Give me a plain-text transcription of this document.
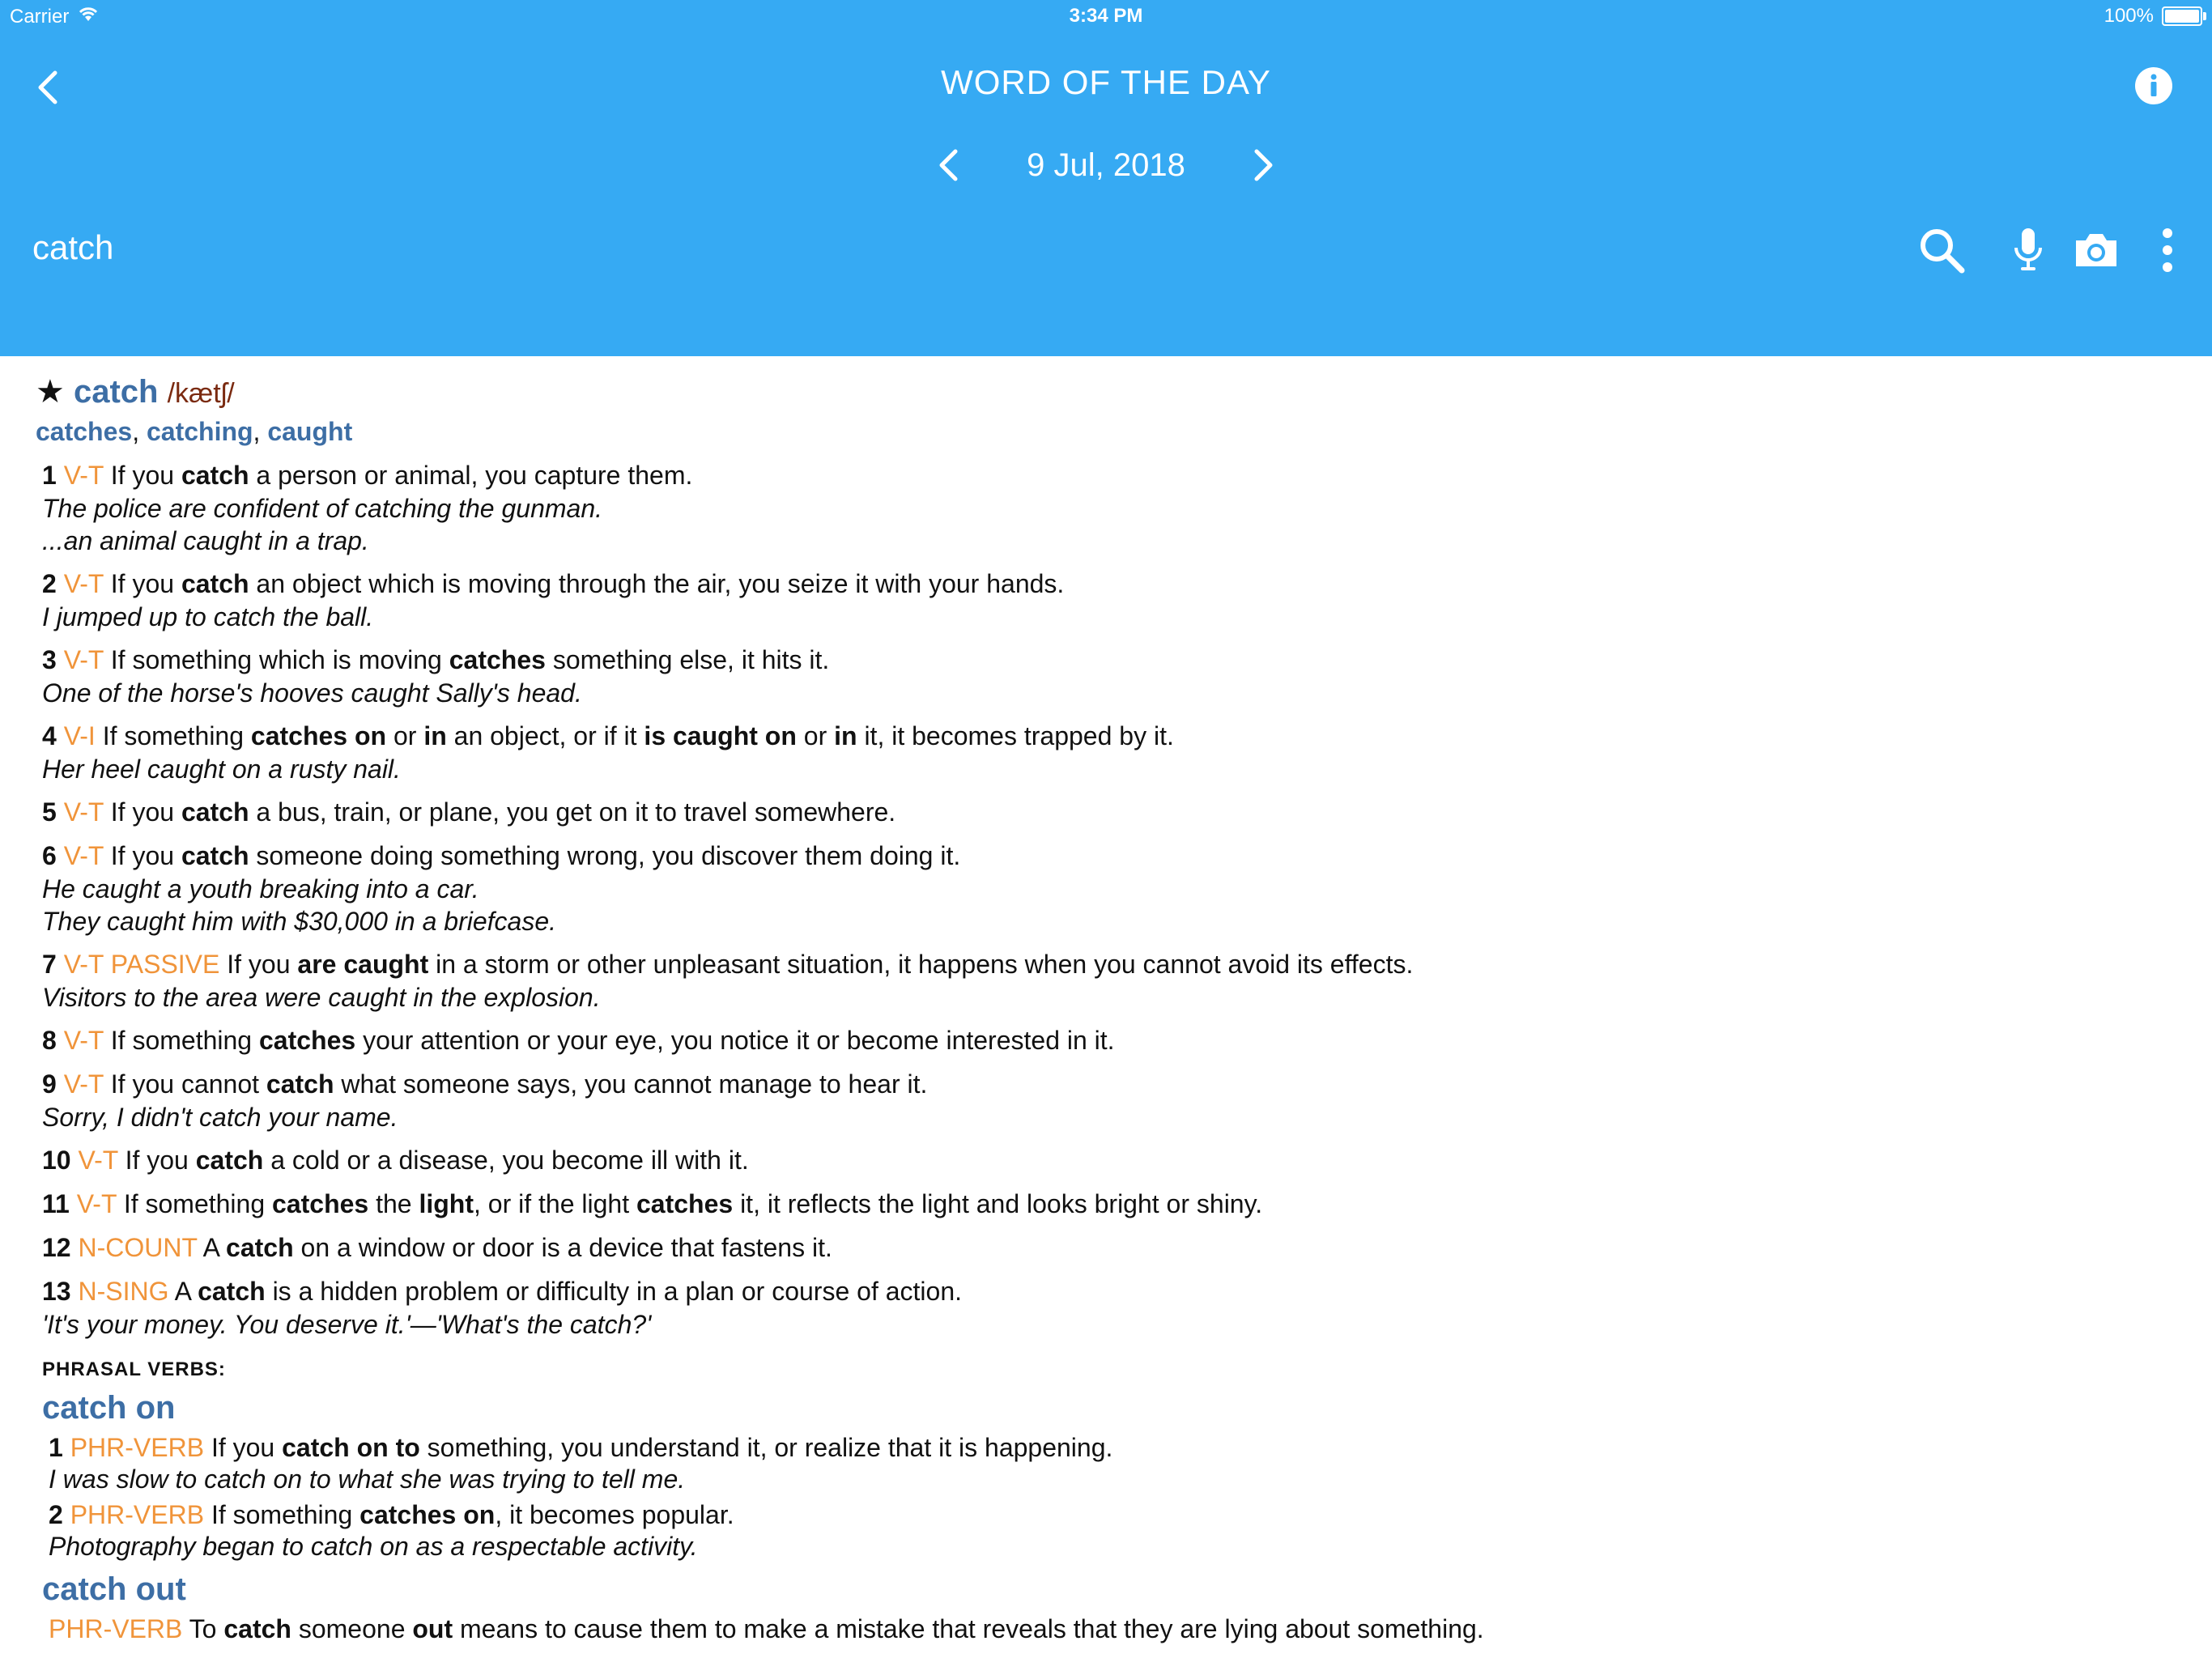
Carrier	3:34 PM	100%
WORD OF THE DAY
9 Jul, 2018
catch
★ catch /kætʃ/
catches, catching, caught
1 V-T If you catch a person or animal, you capture them.
The police are confident of catching the gunman.
...an animal caught in a trap.
2 V-T If you catch an object which is moving through the air, you seize it with your hands.
I jumped up to catch the ball.
3 V-T If something which is moving catches something else, it hits it.
One of the horse's hooves caught Sally's head.
4 V-I If something catches on or in an object, or if it is caught on or in it, it becomes trapped by it.
Her heel caught on a rusty nail.
5 V-T If you catch a bus, train, or plane, you get on it to travel somewhere.
6 V-T If you catch someone doing something wrong, you discover them doing it.
He caught a youth breaking into a car.
They caught him with $30,000 in a briefcase.
7 V-T PASSIVE If you are caught in a storm or other unpleasant situation, it happens when you cannot avoid its effects.
Visitors to the area were caught in the explosion.
8 V-T If something catches your attention or your eye, you notice it or become interested in it.
9 V-T If you cannot catch what someone says, you cannot manage to hear it.
Sorry, I didn't catch your name.
10 V-T If you catch a cold or a disease, you become ill with it.
11 V-T If something catches the light, or if the light catches it, it reflects the light and looks bright or shiny.
12 N-COUNT A catch on a window or door is a device that fastens it.
13 N-SING A catch is a hidden problem or difficulty in a plan or course of action.
'It's your money. You deserve it.'—'What's the catch?'
PHRASAL VERBS:
catch on
1 PHR-VERB If you catch on to something, you understand it, or realize that it is happening.
I was slow to catch on to what she was trying to tell me.
2 PHR-VERB If something catches on, it becomes popular.
Photography began to catch on as a respectable activity.
catch out
PHR-VERB To catch someone out means to cause them to make a mistake that reveals that they are lying about something.
